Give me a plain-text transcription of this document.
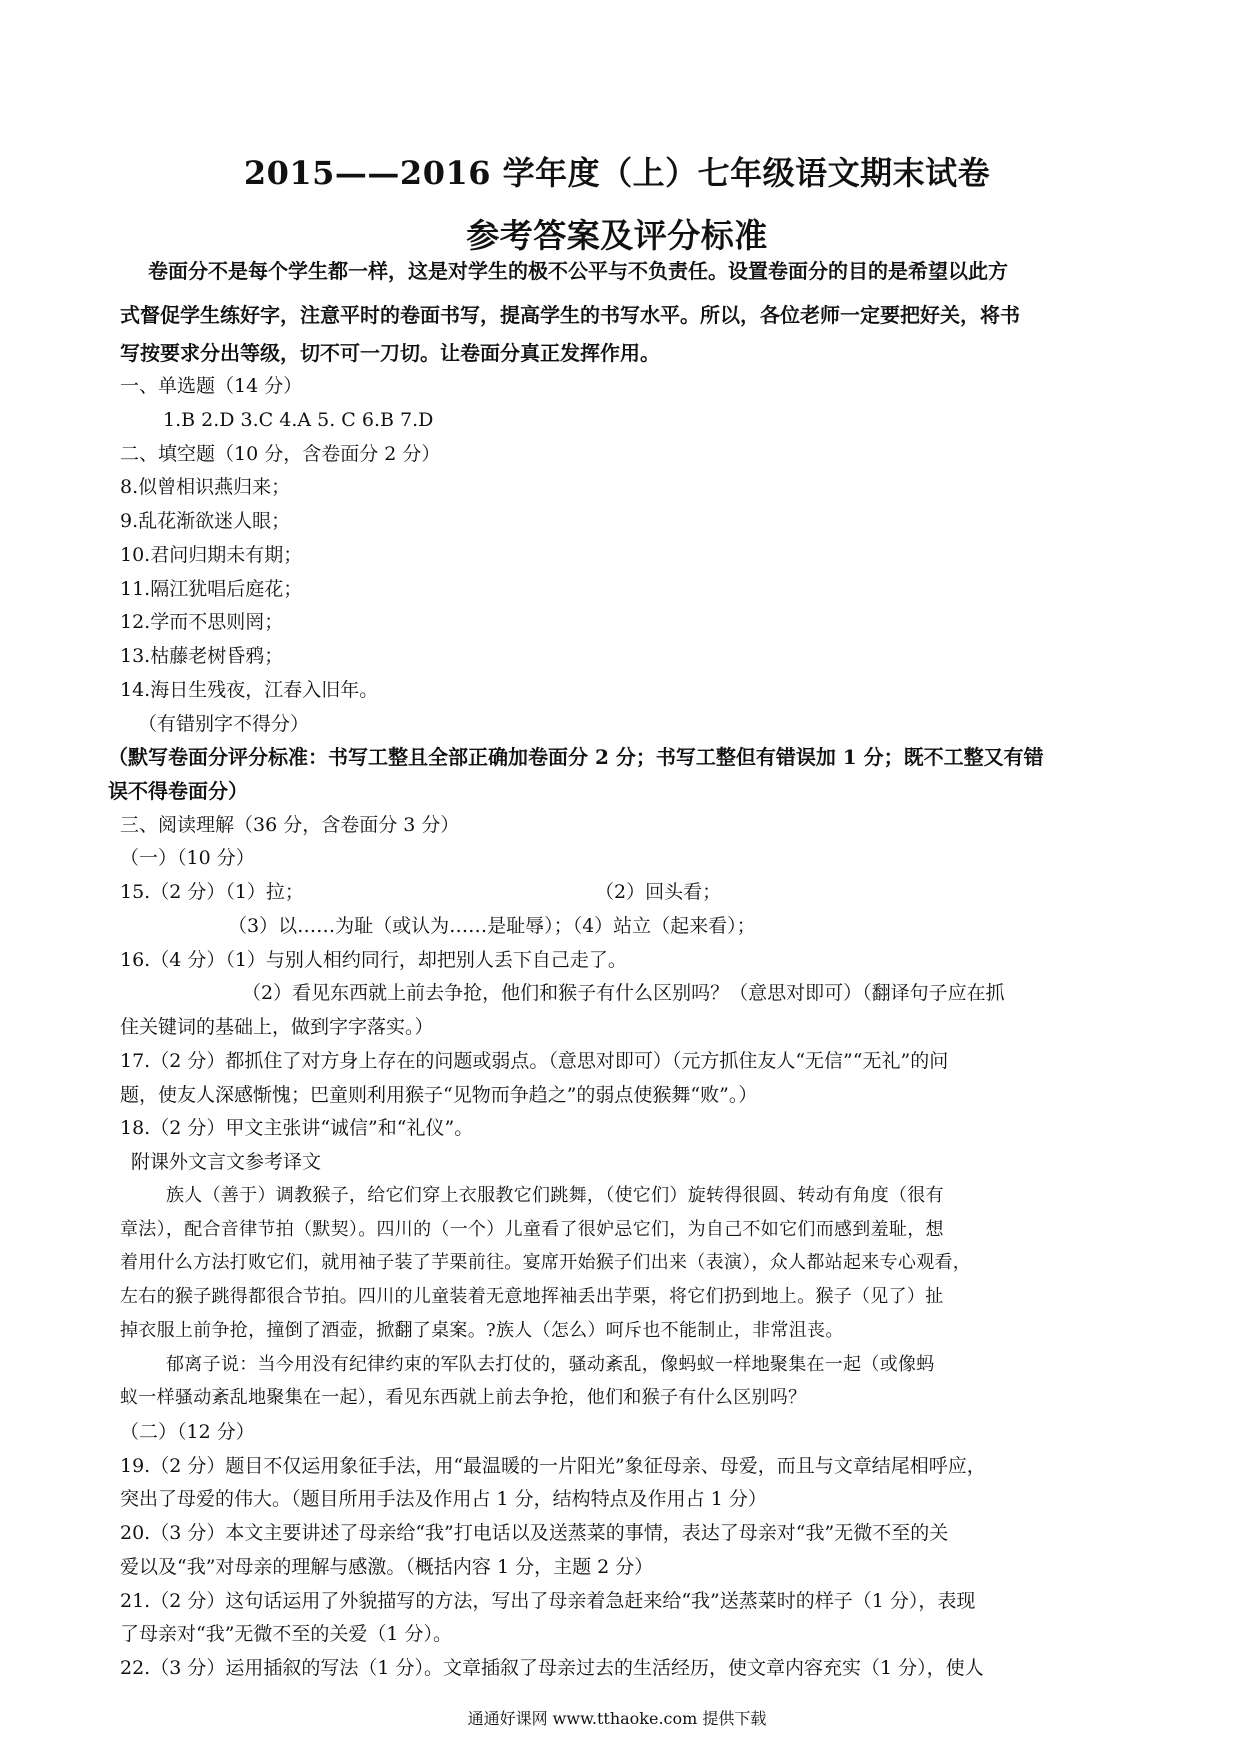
2015——2016 学年度（上）七年级语文期末试卷
参考答案及评分标准
卷面分不是每个学生都一样，这是对学生的极不公平与不负责任。设置卷面分的目的是希望以此方
式督促学生练好字，注意平时的卷面书写，提高学生的书写水平。所以，各位老师一定要把好关，将书
写按要求分出等级，切不可一刀切。让卷面分真正发挥作用。
一、单选题（14 分）
1.B 2.D 3.C 4.A 5. C 6.B 7.D
二、填空题（10 分，含卷面分 2 分）
8.似曾相识燕归来；
9.乱花渐欲迷人眼；
10.君问归期未有期；
11.隔江犹唱后庭花；
12.学而不思则罔；
13.枯藤老树昏鸦；
14.海日生残夜，江春入旧年。
（有错别字不得分）
（默写卷面分评分标准：书写工整且全部正确加卷面分 2 分；书写工整但有错误加 1 分；既不工整又有错
误不得卷面分）
三、阅读理解（36 分，含卷面分 3 分）
（一）（10 分）
15.（2 分）（1）拉；	（2）回头看；
（3）以……为耻（或认为……是耻辱）；（4）站立（起来看）；
16.（4 分）（1）与别人相约同行，却把别人丢下自己走了。
（2）看见东西就上前去争抢，他们和猴子有什么区别吗？（意思对即可）（翻译句子应在抓
住关键词的基础上，做到字字落实。）
17.（2 分）都抓住了对方身上存在的问题或弱点。（意思对即可）（元方抓住友人“无信”“无礼”的问
题，使友人深感惭愧；巴童则利用猴子“见物而争趋之”的弱点使猴舞“败”。）
18.（2 分）甲文主张讲“诚信”和“礼仪”。
附课外文言文参考译文
族人（善于）调教猴子，给它们穿上衣服教它们跳舞，（使它们）旋转得很圆、转动有角度（很有
章法），配合音律节拍（默契）。四川的（一个）儿童看了很妒忌它们，为自己不如它们而感到羞耻，想
着用什么方法打败它们，就用袖子装了芋栗前往。宴席开始猴子们出来（表演），众人都站起来专心观看，
左右的猴子跳得都很合节拍。四川的儿童装着无意地挥袖丢出芋栗，将它们扔到地上。猴子（见了）扯
掉衣服上前争抢，撞倒了酒壶，掀翻了桌案。?族人（怎么）呵斥也不能制止，非常沮丧。
郁离子说：当今用没有纪律约束的军队去打仗的，骚动紊乱，像蚂蚁一样地聚集在一起（或像蚂
蚁一样骚动紊乱地聚集在一起），看见东西就上前去争抢，他们和猴子有什么区别吗？
（二）（12 分）
19.（2 分）题目不仅运用象征手法，用“最温暖的一片阳光”象征母亲、母爱，而且与文章结尾相呼应，
突出了母爱的伟大。（题目所用手法及作用占 1 分，结构特点及作用占 1 分）
20.（3 分）本文主要讲述了母亲给“我”打电话以及送蒸菜的事情，表达了母亲对“我”无微不至的关
爱以及“我”对母亲的理解与感激。（概括内容 1 分，主题 2 分）
21.（2 分）这句话运用了外貌描写的方法，写出了母亲着急赶来给“我”送蒸菜时的样子（1 分），表现
了母亲对“我”无微不至的关爱（1 分）。
22.（3 分）运用插叙的写法（1 分）。文章插叙了母亲过去的生活经历，使文章内容充实（1 分），使人
通通好课网 www.tthaoke.com 提供下载
